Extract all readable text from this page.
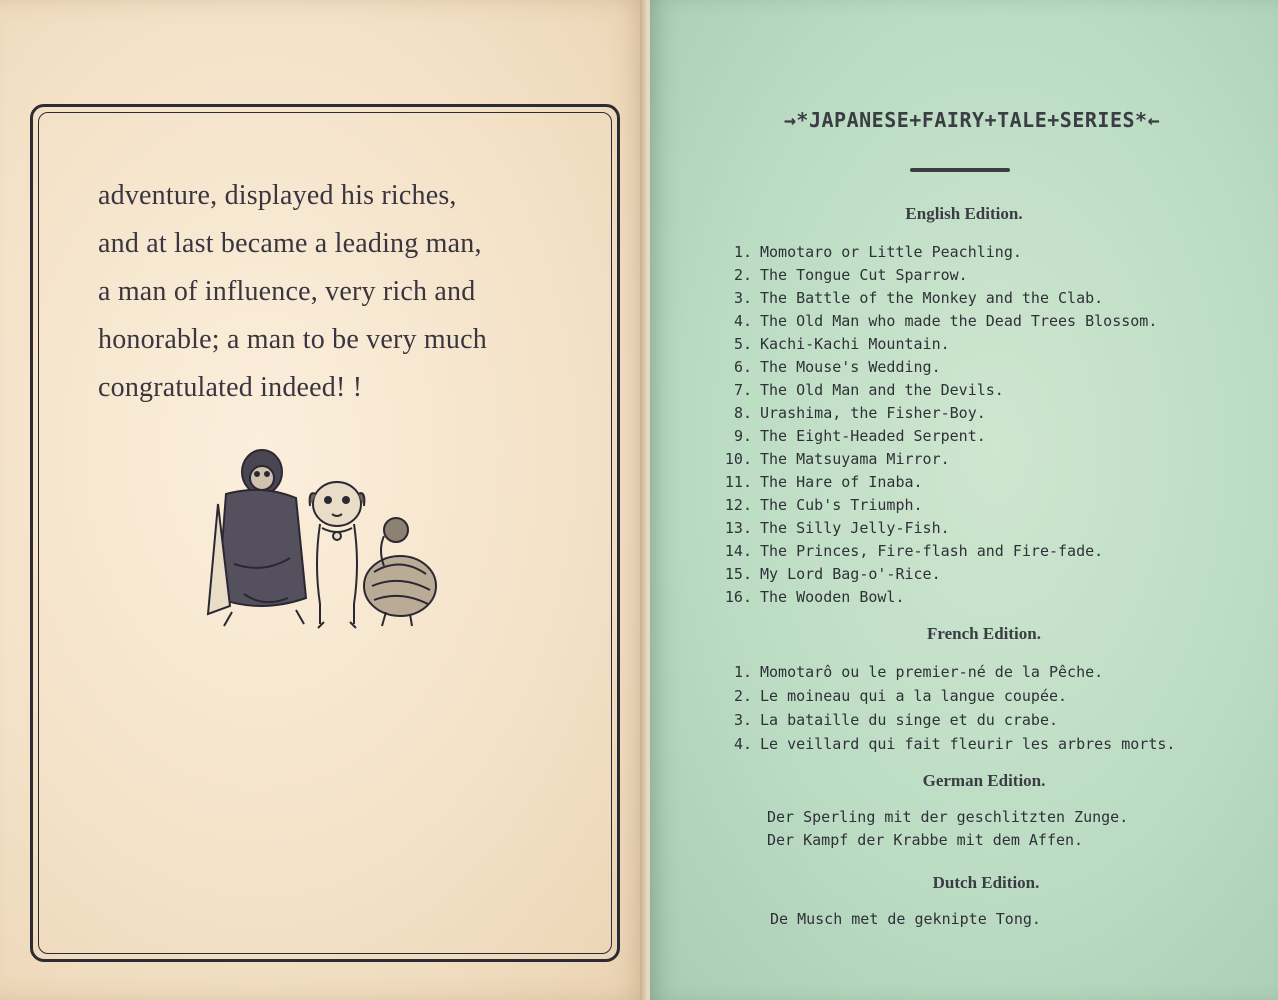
adventure, displayed his riches,
and at last became a leading man,
a man of influence, very rich and
honorable; a man to be very much
congratulated indeed! !

→*JAPANESE+FAIRY+TALE+SERIES*←
English Edition.
1. Momotaro or Little Peachling.
2. The Tongue Cut Sparrow.
3. The Battle of the Monkey and the Clab.
4. The Old Man who made the Dead Trees Blossom.
5. Kachi-Kachi Mountain.
6. The Mouse's Wedding.
7. The Old Man and the Devils.
8. Urashima, the Fisher-Boy.
9. The Eight-Headed Serpent.
10. The Matsuyama Mirror.
11. The Hare of Inaba.
12. The Cub's Triumph.
13. The Silly Jelly-Fish.
14. The Princes, Fire-flash and Fire-fade.
15. My Lord Bag-o'-Rice.
16. The Wooden Bowl.
French Edition.
1. Momotarô ou le premier-né de la Pêche.
2. Le moineau qui a la langue coupée.
3. La bataille du singe et du crabe.
4. Le veillard qui fait fleurir les arbres morts.
German Edition.
Der Sperling mit der geschlitzten Zunge.
Der Kampf der Krabbe mit dem Affen.
Dutch Edition.
De Musch met de geknipte Tong.
